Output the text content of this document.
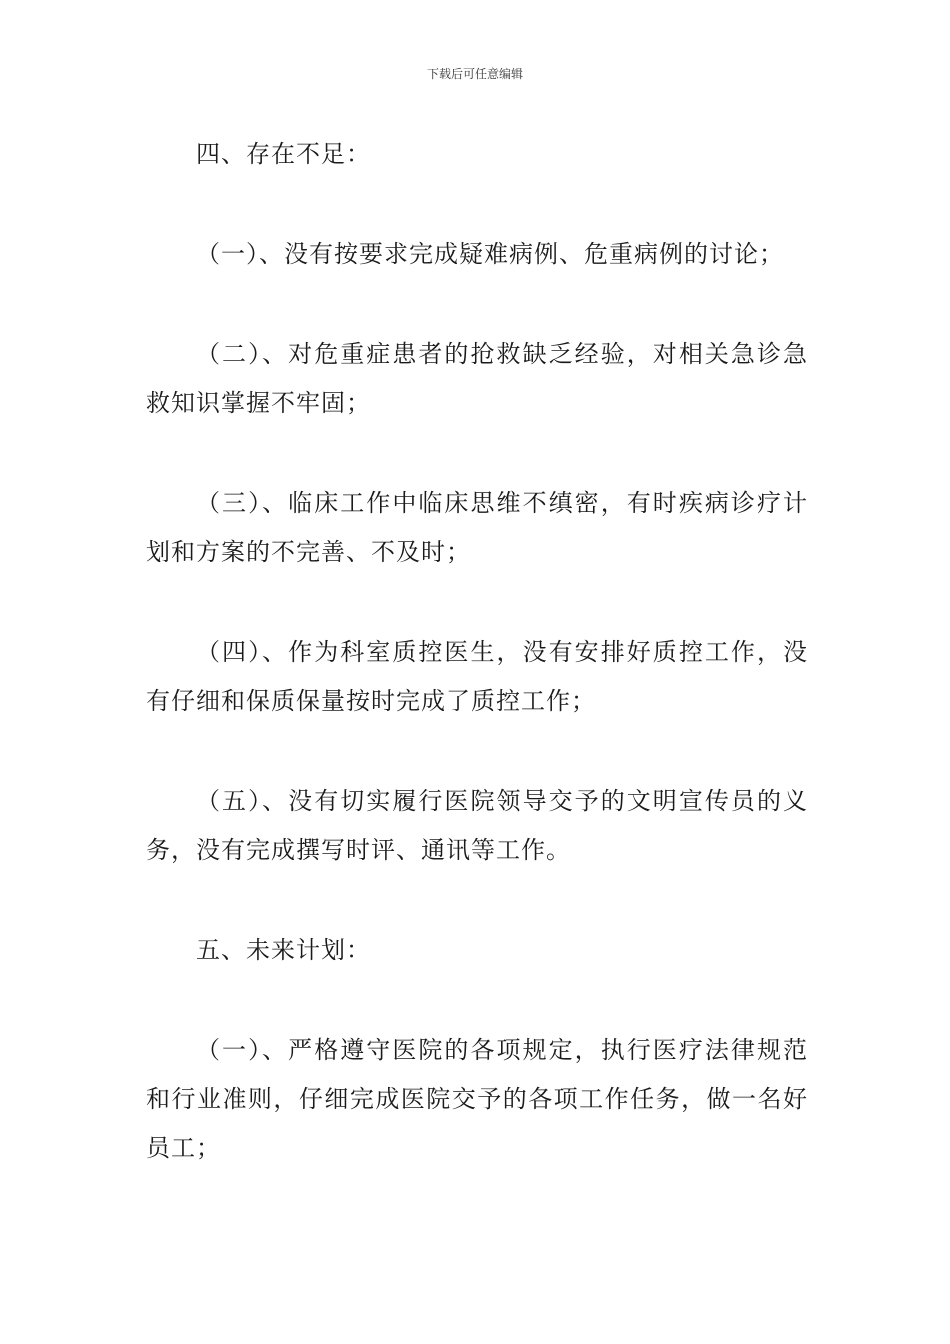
下载后可任意编辑

四、存在不足：

（一）、没有按要求完成疑难病例、危重病例的讨论；

（二）、对危重症患者的抢救缺乏经验，对相关急诊急救知识掌握不牢固；

（三）、临床工作中临床思维不缜密，有时疾病诊疗计划和方案的不完善、不及时；

（四）、作为科室质控医生，没有安排好质控工作，没有仔细和保质保量按时完成了质控工作；

（五）、没有切实履行医院领导交予的文明宣传员的义务，没有完成撰写时评、通讯等工作。

五、未来计划：

（一）、严格遵守医院的各项规定，执行医疗法律规范和行业准则，仔细完成医院交予的各项工作任务，做一名好员工；
